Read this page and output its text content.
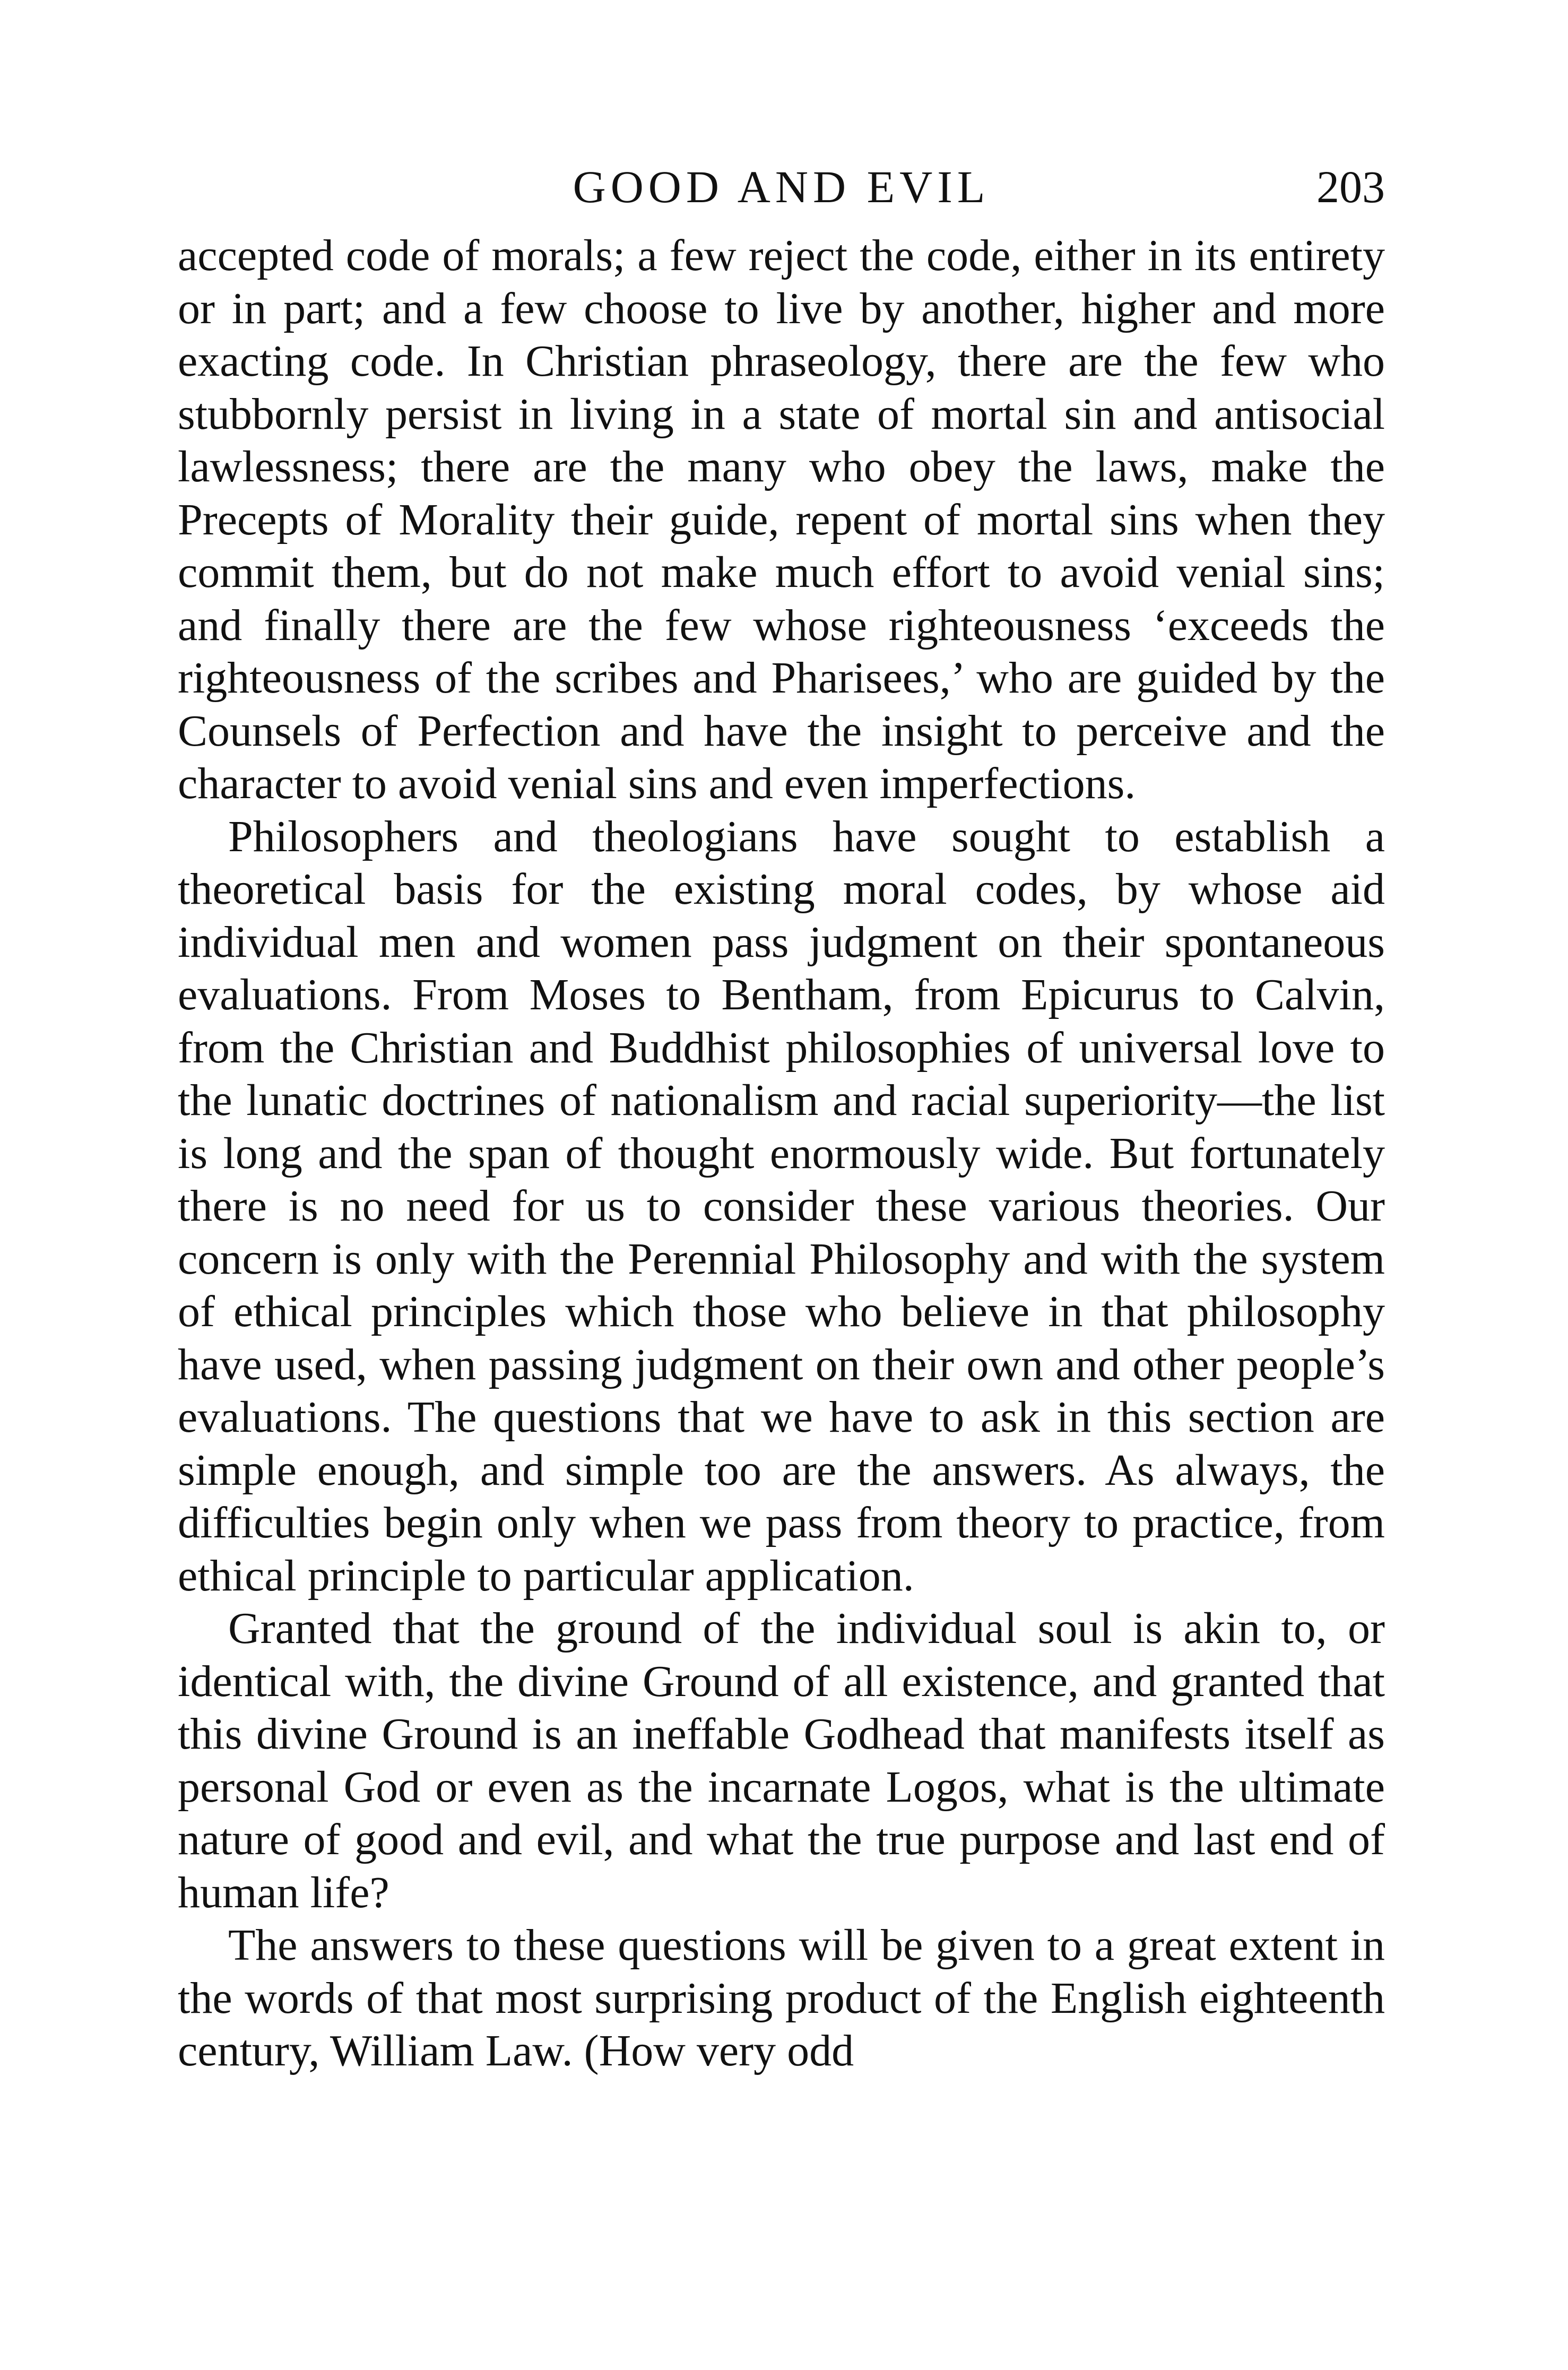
GOOD AND EVIL	203

accepted code of morals; a few reject the code, either in its entirety or in part; and a few choose to live by another, higher and more exacting code. In Christian phraseology, there are the few who stubbornly persist in living in a state of mortal sin and antisocial lawlessness; there are the many who obey the laws, make the Precepts of Morality their guide, repent of mortal sins when they commit them, but do not make much effort to avoid venial sins; and finally there are the few whose righteousness ‘exceeds the righteousness of the scribes and Pharisees,’ who are guided by the Counsels of Perfection and have the insight to perceive and the character to avoid venial sins and even imperfections.

Philosophers and theologians have sought to establish a theoretical basis for the existing moral codes, by whose aid individual men and women pass judgment on their spontaneous evaluations. From Moses to Bentham, from Epicurus to Calvin, from the Christian and Buddhist philosophies of universal love to the lunatic doctrines of nationalism and racial superiority—the list is long and the span of thought enormously wide. But fortunately there is no need for us to consider these various theories. Our concern is only with the Perennial Philosophy and with the system of ethical principles which those who believe in that philosophy have used, when passing judgment on their own and other people’s evaluations. The questions that we have to ask in this section are simple enough, and simple too are the answers. As always, the difficulties begin only when we pass from theory to practice, from ethical principle to particular application.

Granted that the ground of the individual soul is akin to, or identical with, the divine Ground of all existence, and granted that this divine Ground is an ineffable Godhead that manifests itself as personal God or even as the incarnate Logos, what is the ultimate nature of good and evil, and what the true purpose and last end of human life?

The answers to these questions will be given to a great extent in the words of that most surprising product of the English eighteenth century, William Law. (How very odd
